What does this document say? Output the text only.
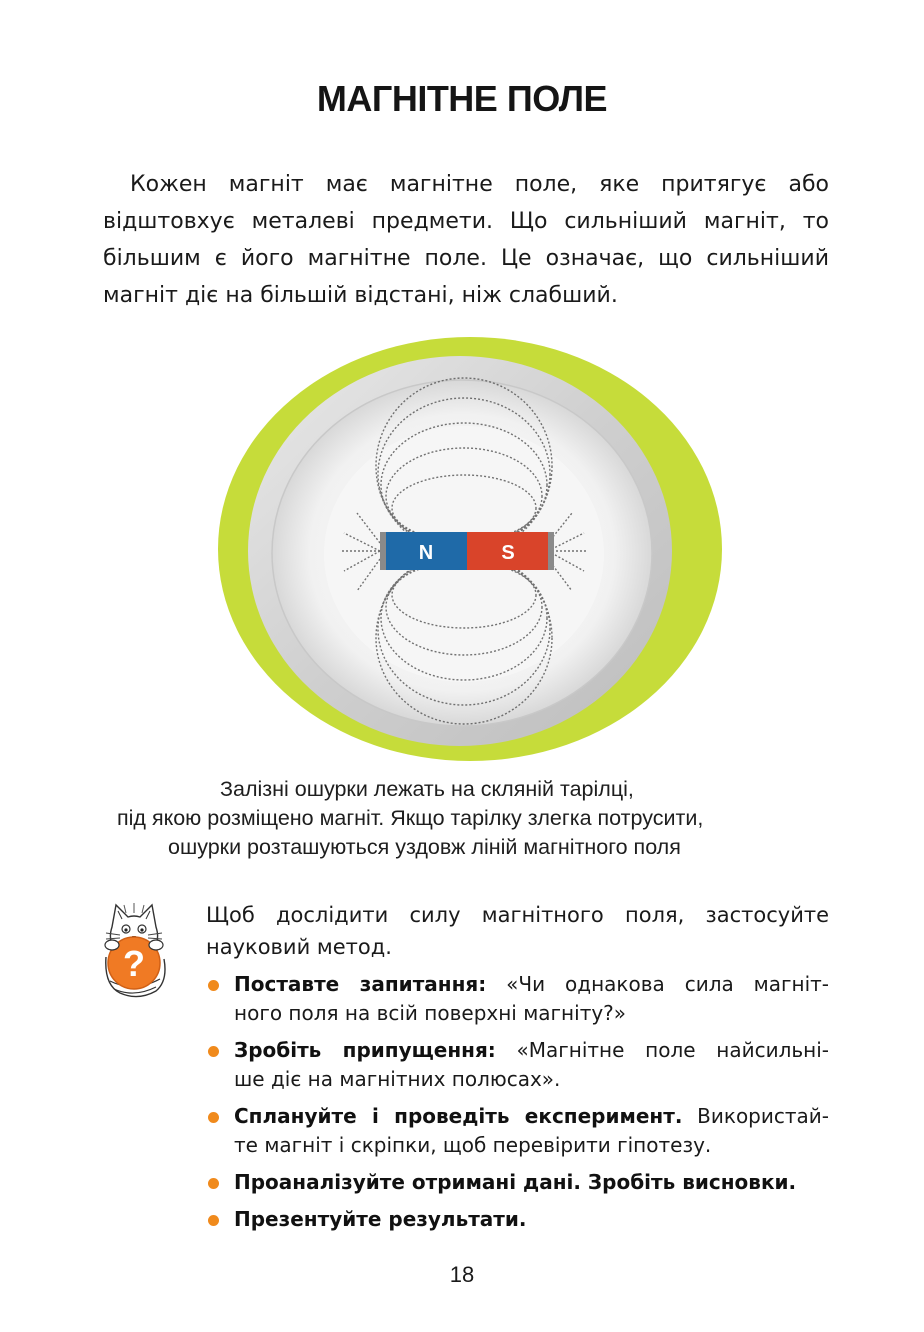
МАГНІТНЕ ПОЛЕ

Кожен магніт має магнітне поле, яке притягує або
відштовхує металеві предмети. Що сильніший магніт, то
більшим є його магнітне поле. Це означає, що сильніший
магніт діє на більшій відстані, ніж слабший.

N	S

Залізні ошурки лежать на скляній тарілці,
під якою розміщено магніт. Якщо тарілку злегка потрусити,
ошурки розташуються уздовж ліній магнітного поля

?

Щоб дослідити силу магнітного поля, застосуйте
науковий метод.

Поставте запитання: «Чи однакова сила магніт-
ного поля на всій поверхні магніту?»
Зробіть припущення: «Магнітне поле найсильні-
ше діє на магнітних полюсах».
Сплануйте і проведіть експеримент. Використай-
те магніт і скріпки, щоб перевірити гіпотезу.
Проаналізуйте отримані дані. Зробіть висновки.
Презентуйте результати.

18
